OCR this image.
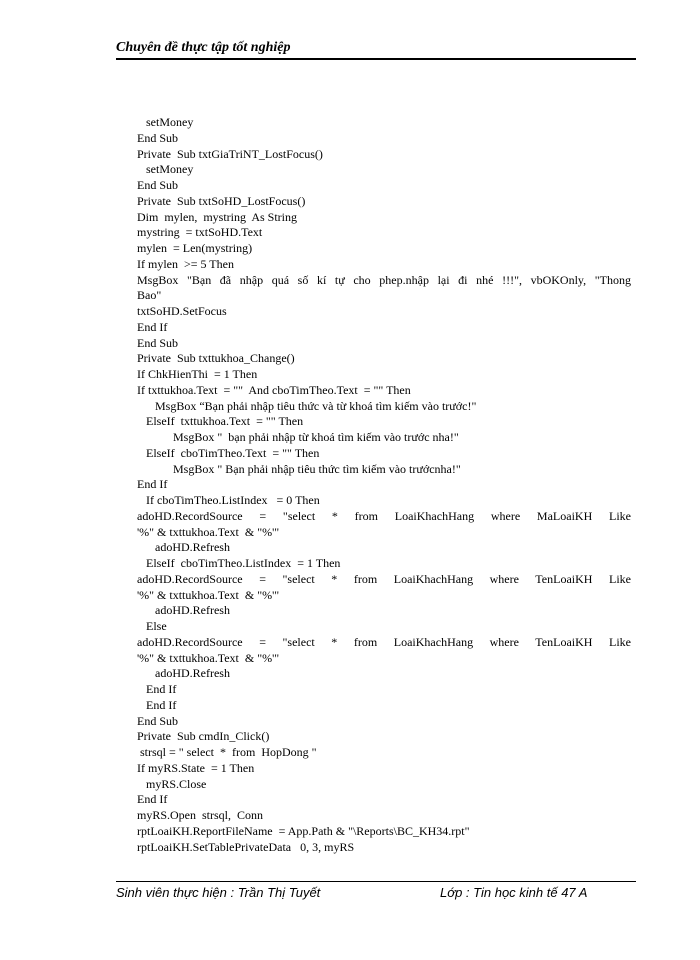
Chuyên đề thực tập tốt nghiệp
setMoney
End Sub
Private  Sub txtGiaTriNT_LostFocus()
setMoney
End Sub
Private  Sub txtSoHD_LostFocus()
Dim  mylen,  mystring  As String
mystring  = txtSoHD.Text
mylen  = Len(mystring)
If mylen  >= 5 Then
MsgBox "Bạn đã nhập quá số kí tự cho phep.nhập lại đi nhé !!!", vbOKOnly, "Thong
Bao"
txtSoHD.SetFocus
End If
End Sub
Private  Sub txttukhoa_Change()
If ChkHienThi  = 1 Then
If txttukhoa.Text  = ""  And cboTimTheo.Text  = "" Then
MsgBox “Bạn phải nhập tiêu thức và từ khoá tìm kiếm vào trước!"
ElseIf  txttukhoa.Text  = "" Then
MsgBox "  bạn phải nhập từ khoá tìm kiếm vào trước nha!"
ElseIf  cboTimTheo.Text  = "" Then
MsgBox " Bạn phải nhập tiêu thức tìm kiếm vào trướcnha!"
End If
If cboTimTheo.ListIndex   = 0 Then
adoHD.RecordSource = "select * from LoaiKhachHang where MaLoaiKH Like
'%" & txttukhoa.Text  & "%'"
adoHD.Refresh
ElseIf  cboTimTheo.ListIndex  = 1 Then
adoHD.RecordSource = "select * from LoaiKhachHang where TenLoaiKH Like
'%" & txttukhoa.Text  & "%'"
adoHD.Refresh
Else
adoHD.RecordSource = "select * from LoaiKhachHang where TenLoaiKH Like
'%" & txttukhoa.Text  & "%'"
adoHD.Refresh
End If
End If
End Sub
Private  Sub cmdIn_Click()
strsql = " select  *  from  HopDong "
If myRS.State  = 1 Then
myRS.Close
End If
myRS.Open  strsql,  Conn
rptLoaiKH.ReportFileName  = App.Path & "\Reports\BC_KH34.rpt"
rptLoaiKH.SetTablePrivateData   0, 3, myRS
Sinh viên thực hiện : Trần Thị Tuyết	Lớp : Tin học kinh tế 47 A
